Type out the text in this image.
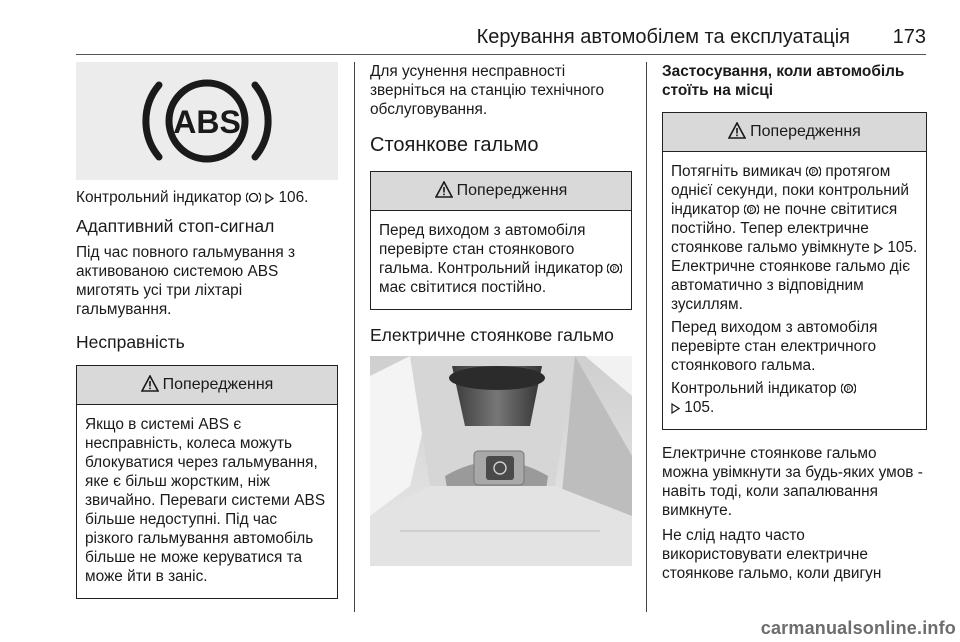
Керування автомобілем та експлуатація	173
ABS

Контрольний індикатор 106.

Адаптивний стоп-сигнал

Під час повного гальмування з активованою системою ABS миготять усі три ліхтарі гальмування.

Несправність
Попередження

Якщо в системі ABS є несправність, колеса можуть блокуватися через гальмування, яке є більш жорстким, ніж звичайно. Переваги системи ABS більше недоступні. Під час різкого гальмування автомобіль більше не може керуватися та може йти в заніс.

Для усунення несправності зверніться на станцію технічного обслуговування.

Стоянкове гальмо
Попередження

Перед виходом з автомобіля перевірте стан стоянкового гальма. Контрольний індикатор P
має світитися постійно.

Електричне стоянкове гальмо
Застосування, коли автомобіль стоїть на місці
Попередження

Потягніть вимикач P протягом однієї секунди, поки контрольний індикатор P не почне світитися постійно. Тепер електричне стоянкове гальмо увімкнуте 105. Електричне стоянкове гальмо діє автоматично з відповідним зусиллям.

Перед виходом з автомобіля перевірте стан електричного стоянкового гальма.

Контрольний індикатор P

105.

Електричне стоянкове гальмо можна увімкнути за будь-яких умов - навіть тоді, коли запалювання вимкнуте.

Не слід надто часто використовувати електричне стоянкове гальмо, коли двигун

carmanualsonline.info
